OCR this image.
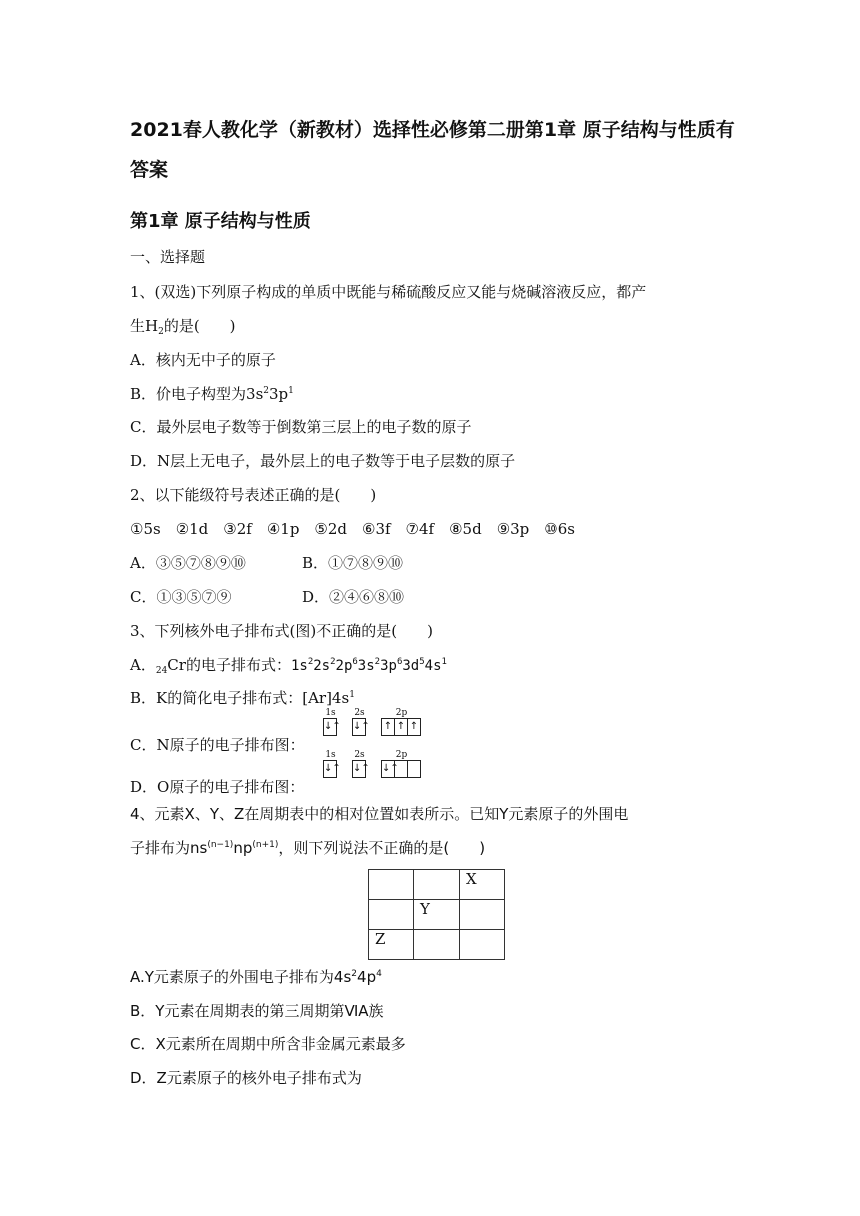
2021春人教化学（新教材）选择性必修第二册第1章 原子结构与性质有答案
第1章 原子结构与性质
一、选择题
1、(双选)下列原子构成的单质中既能与稀硫酸反应又能与烧碱溶液反应，都产
生$H_2$的是(　　)
A．核内无中子的原子
B．价电子构型为$3s^23p^1$
C．最外层电子数等于倒数第三层上的电子数的原子
D．N层上无电子，最外层上的电子数等于电子层数的原子
2、以下能级符号表述正确的是(　　)
①5s　②1d　③2f　④1p　⑤2d　⑥3f　⑦4f　⑧5d　⑨3p　⑩6s
A．③⑤⑦⑧⑨⑩	B．①⑦⑧⑨⑩
C．①③⑤⑦⑨	D．②④⑥⑧⑩
3、下列核外电子排布式(图)不正确的是(　　)
A．$_{24}$Cr的电子排布式：$1s^22s^22p^63s^23p^63d^54s^1$
B．K的简化电子排布式：$[Ar]4s^1$
C．N原子的电子排布图：
1s
↓↑
2s
↓↑
2p
↑ ↑ ↑
D．O原子的电子排布图：
1s
↓↑
2s
↓↑
2p
↓↑
4、元素X、Y、Z在周期表中的相对位置如表所示。已知Y元素原子的外围电
子排布为$ns^{(n-1)}np^{(n+1)}$，则下列说法不正确的是(　　)
		X
	Y	
Z		
A.Y元素原子的外围电子排布为$4s^24p^4$
B．Y元素在周期表的第三周期第ⅥA族
C．X元素所在周期中所含非金属元素最多
D．Z元素原子的核外电子排布式为
